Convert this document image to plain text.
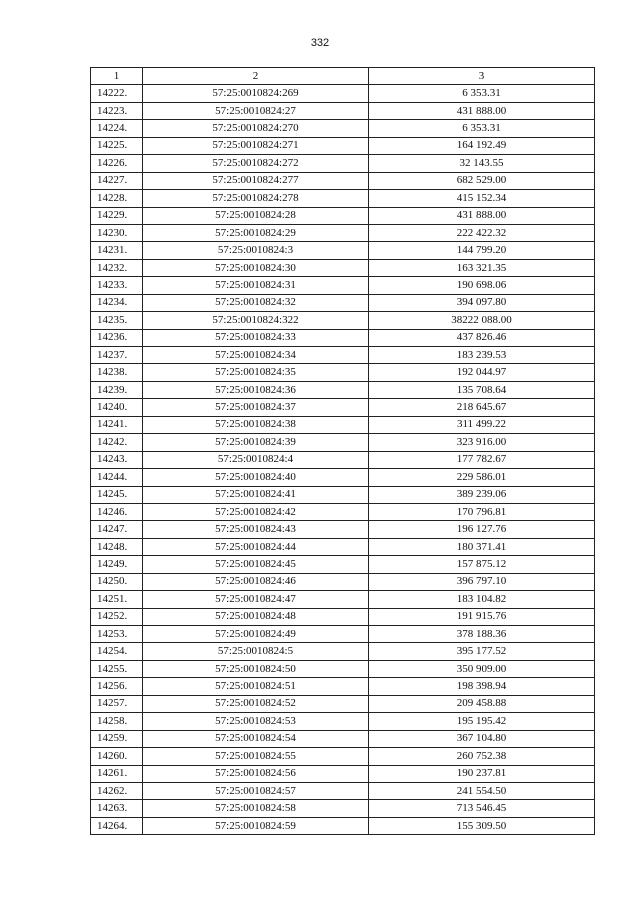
332
1	2	3
14222.	57:25:0010824:269	6 353.31
14223.	57:25:0010824:27	431 888.00
14224.	57:25:0010824:270	6 353.31
14225.	57:25:0010824:271	164 192.49
14226.	57:25:0010824:272	32 143.55
14227.	57:25:0010824:277	682 529.00
14228.	57:25:0010824:278	415 152.34
14229.	57:25:0010824:28	431 888.00
14230.	57:25:0010824:29	222 422.32
14231.	57:25:0010824:3	144 799.20
14232.	57:25:0010824:30	163 321.35
14233.	57:25:0010824:31	190 698.06
14234.	57:25:0010824:32	394 097.80
14235.	57:25:0010824:322	38222 088.00
14236.	57:25:0010824:33	437 826.46
14237.	57:25:0010824:34	183 239.53
14238.	57:25:0010824:35	192 044.97
14239.	57:25:0010824:36	135 708.64
14240.	57:25:0010824:37	218 645.67
14241.	57:25:0010824:38	311 499.22
14242.	57:25:0010824:39	323 916.00
14243.	57:25:0010824:4	177 782.67
14244.	57:25:0010824:40	229 586.01
14245.	57:25:0010824:41	389 239.06
14246.	57:25:0010824:42	170 796.81
14247.	57:25:0010824:43	196 127.76
14248.	57:25:0010824:44	180 371.41
14249.	57:25:0010824:45	157 875.12
14250.	57:25:0010824:46	396 797.10
14251.	57:25:0010824:47	183 104.82
14252.	57:25:0010824:48	191 915.76
14253.	57:25:0010824:49	378 188.36
14254.	57:25:0010824:5	395 177.52
14255.	57:25:0010824:50	350 909.00
14256.	57:25:0010824:51	198 398.94
14257.	57:25:0010824:52	209 458.88
14258.	57:25:0010824:53	195 195.42
14259.	57:25:0010824:54	367 104.80
14260.	57:25:0010824:55	260 752.38
14261.	57:25:0010824:56	190 237.81
14262.	57:25:0010824:57	241 554.50
14263.	57:25:0010824:58	713 546.45
14264.	57:25:0010824:59	155 309.50
